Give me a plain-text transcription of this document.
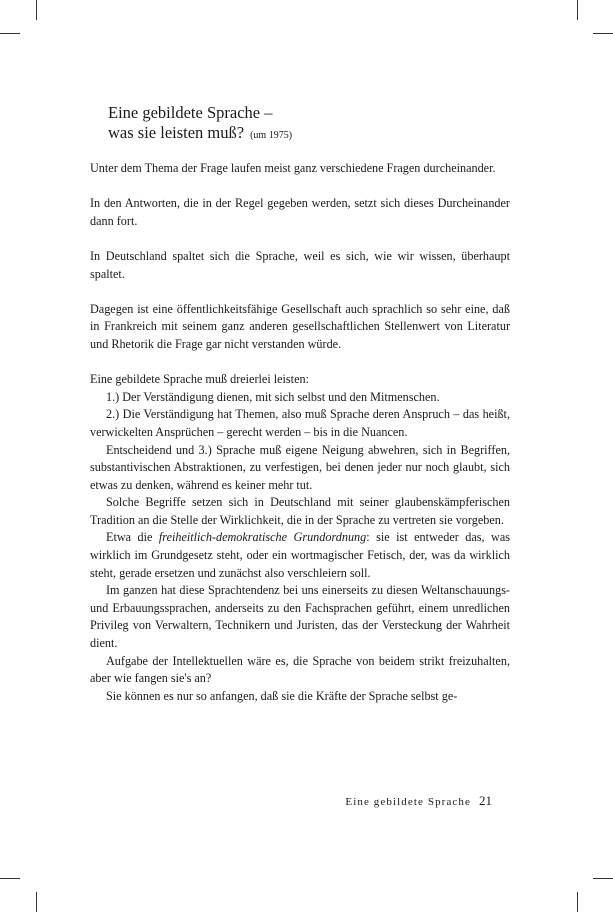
Eine gebildete Sprache –
was sie leisten muß? (um 1975)

Unter dem Thema der Frage laufen meist ganz verschiedene Fragen durcheinander.

In den Antworten, die in der Regel gegeben werden, setzt sich dieses Durcheinander dann fort.

In Deutschland spaltet sich die Sprache, weil es sich, wie wir wissen, überhaupt spaltet.

Dagegen ist eine öffentlichkeitsfähige Gesellschaft auch sprachlich so sehr eine, daß in Frankreich mit seinem ganz anderen gesellschaftlichen Stellenwert von Literatur und Rhetorik die Frage gar nicht verstanden würde.

Eine gebildete Sprache muß dreierlei leisten:

1.) Der Verständigung dienen, mit sich selbst und den Mitmenschen.

2.) Die Verständigung hat Themen, also muß Sprache deren Anspruch – das heißt, verwickelten Ansprüchen – gerecht werden – bis in die Nuancen.

Entscheidend und 3.) Sprache muß eigene Neigung abwehren, sich in Begriffen, substantivischen Abstraktionen, zu verfestigen, bei denen jeder nur noch glaubt, sich etwas zu denken, während es keiner mehr tut.

Solche Begriffe setzen sich in Deutschland mit seiner glaubenskämpferischen Tradition an die Stelle der Wirklichkeit, die in der Sprache zu vertreten sie vorgeben.

Etwa die freiheitlich-demokratische Grundordnung: sie ist entweder das, was wirklich im Grundgesetz steht, oder ein wortmagischer Fetisch, der, was da wirklich steht, gerade ersetzen und zunächst also verschleiern soll.

Im ganzen hat diese Sprachtendenz bei uns einerseits zu diesen Weltanschauungs- und Erbauungssprachen, anderseits zu den Fachsprachen geführt, einem unredlichen Privileg von Verwaltern, Technikern und Juristen, das der Versteckung der Wahrheit dient.

Aufgabe der Intellektuellen wäre es, die Sprache von beidem strikt freizuhalten, aber wie fangen sie's an?

Sie können es nur so anfangen, daß sie die Kräfte der Sprache selbst ge-

Eine gebildete Sprache 21
